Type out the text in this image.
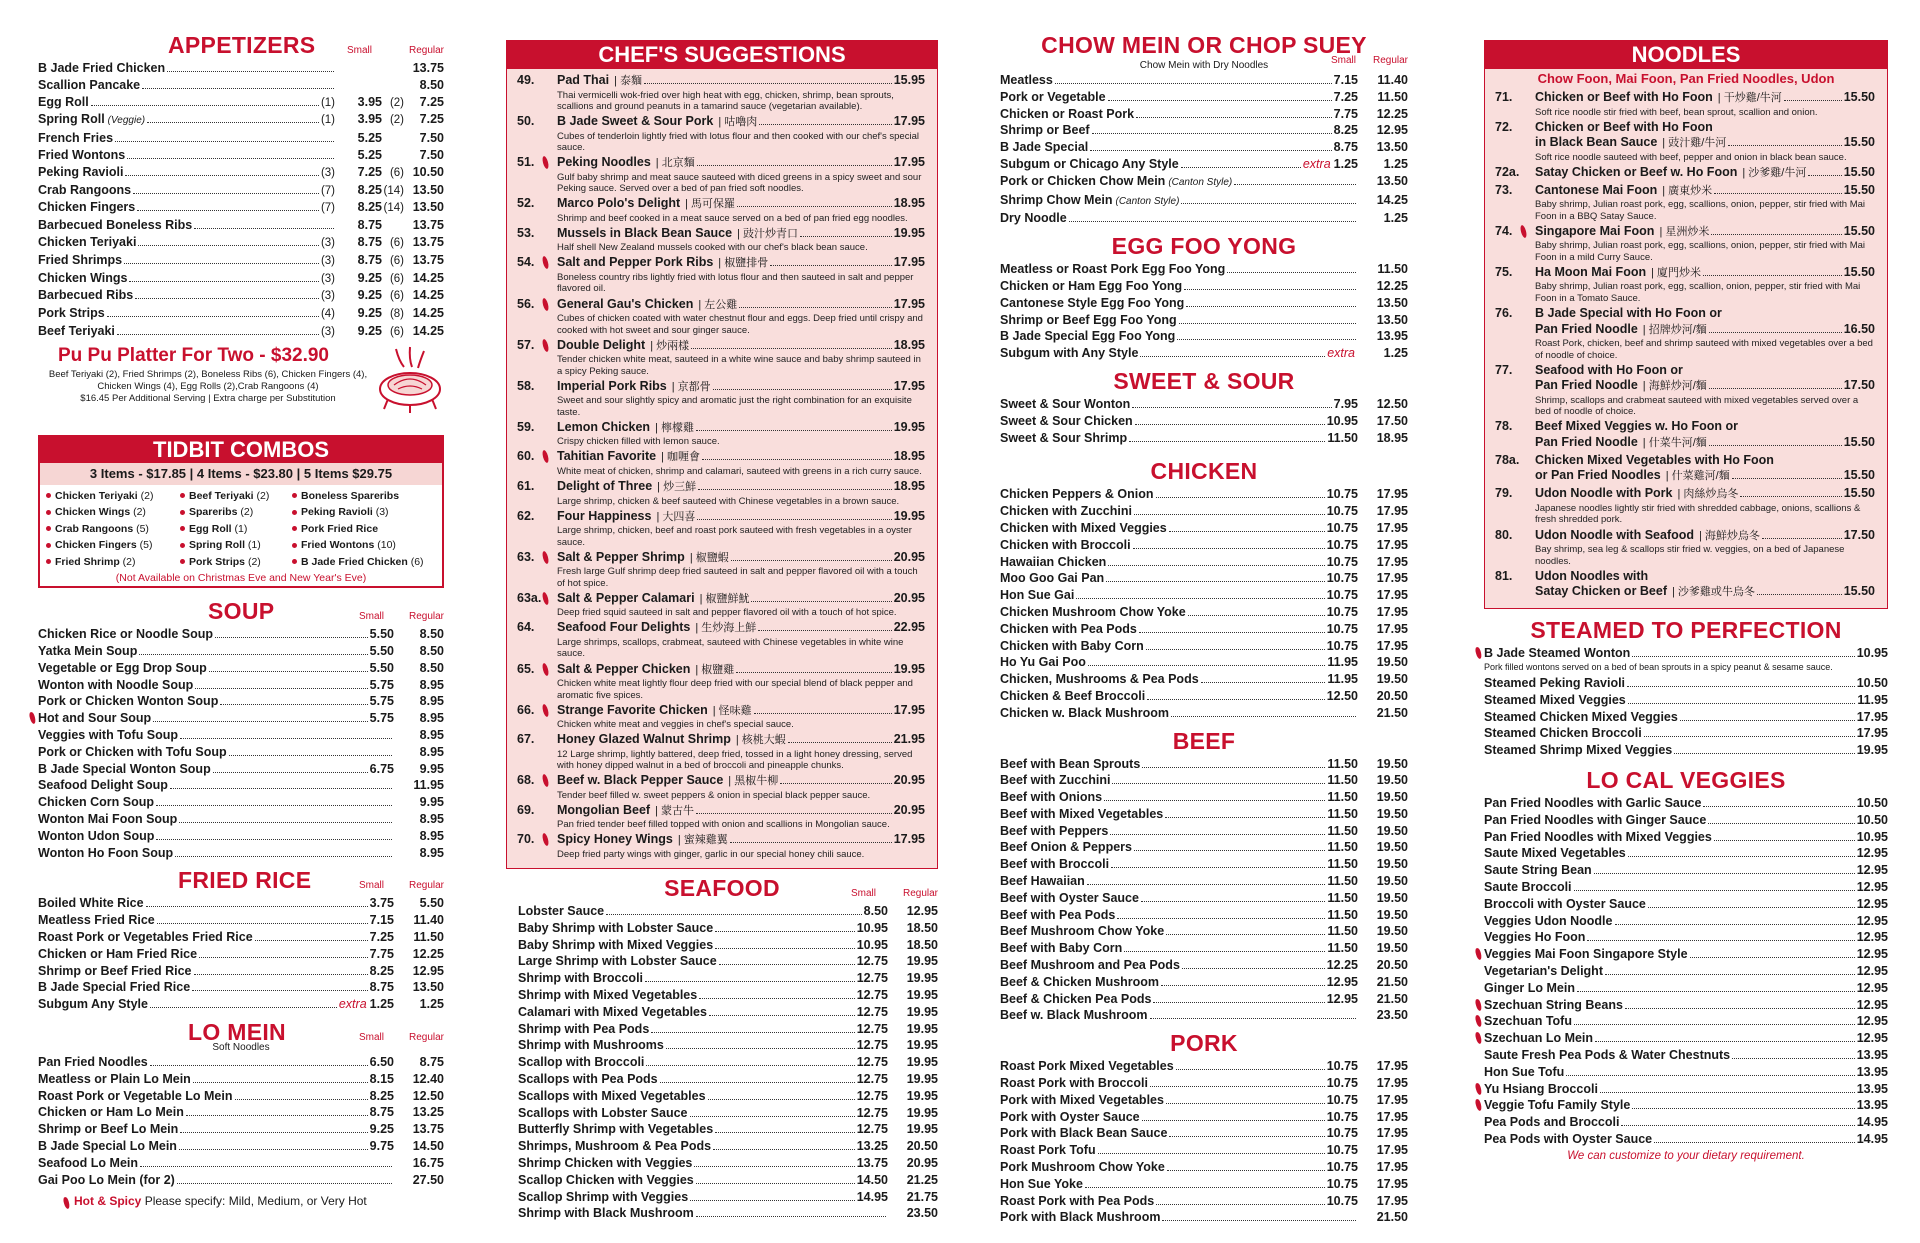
APPETIZERS	Small	Regular
B Jade Fried Chicken	13.75
Scallion Pancake	8.50
Egg Roll	(1)	3.95 (2)	7.25
Spring Roll (Veggie)	(1)	3.95 (2)	7.25
French Fries	5.25	7.50
Fried Wontons	5.25	7.50
Peking Ravioli	(3)	7.25 (6) 10.50
Crab Rangoons	(7)	8.25 (14) 13.50
Chicken Fingers	(7)	8.25 (14) 13.50
Barbecued Boneless Ribs	8.75	13.75
Chicken Teriyaki	(3)	8.75 (6) 13.75
Fried Shrimps	(3)	8.75 (6) 13.75
Chicken Wings	(3)	9.25 (6) 14.25
Barbecued Ribs	(3)	9.25 (6) 14.25
Pork Strips	(4)	9.25 (8) 14.25
Beef Teriyaki	(3)	9.25 (6) 14.25
Pu Pu Platter For Two - $32.90
Beef Teriyaki (2), Fried Shrimps (2), Boneless Ribs (6), Chicken Fingers (4),
Chicken Wings (4), Egg Rolls (2),Crab Rangoons (4)
$16.45 Per Additional Serving | Extra charge per Substitution
TIDBIT COMBOS
3 Items - $17.85 | 4 Items - $23.80 | 5 Items $29.75
Chicken Teriyaki (2)	Beef Teriyaki (2)	Boneless Spareribs
Chicken Wings (2)	Spareribs (2)	Peking Ravioli (3)
Crab Rangoons (5)	Egg Roll (1)	Pork Fried Rice
Chicken Fingers (5)	Spring Roll (1)	Fried Wontons (10)
Fried Shrimp (2)	Pork Strips (2)	B Jade Fried Chicken (6)
(Not Available on Christmas Eve and New Year's Eve)
SOUP	Small Regular
Chicken Rice or Noodle Soup	5.50	8.50
Yatka Mein Soup	5.50	8.50
Vegetable or Egg Drop Soup	5.50	8.50
Wonton with Noodle Soup	5.75	8.95
Pork or Chicken Wonton Soup	5.75	8.95
Hot and Sour Soup	5.75	8.95
Veggies with Tofu Soup	8.95
Pork or Chicken with Tofu Soup	8.95
B Jade Special Wonton Soup	6.75	9.95
Seafood Delight Soup	11.95
Chicken Corn Soup	9.95
Wonton Mai Foon Soup	8.95
Wonton Udon Soup	8.95
Wonton Ho Foon Soup	8.95
FRIED RICE	Small Regular
Boiled White Rice	3.75	5.50
Meatless Fried Rice	7.15	11.40
Roast Pork or Vegetables Fried Rice	7.25	11.50
Chicken or Ham Fried Rice	7.75	12.25
Shrimp or Beef Fried Rice	8.25	12.95
B Jade Special Fried Rice	8.75	13.50
Subgum Any Style	extra 1.25	1.25
LO MEIN	Small Regular
Soft Noodles
Pan Fried Noodles	6.50	8.75
Meatless or Plain Lo Mein	8.15	12.40
Roast Pork or Vegetable Lo Mein	8.25	12.50
Chicken or Ham Lo Mein	8.75	13.25
Shrimp or Beef Lo Mein	9.25	13.75
B Jade Special Lo Mein	9.75	14.50
Seafood Lo Mein	16.75
Gai Poo Lo Mein (for 2)	27.50
Hot & Spicy Please specify: Mild, Medium, or Very Hot
CHEF'S SUGGESTIONS
49.	Pad Thai | 泰麵	15.95
Thai vermicelli wok-fried over high heat with egg, chicken, shrimp, bean sprouts, scallions and ground peanuts in a tamarind sauce (vegetarian available).
50.	B Jade Sweet & Sour Pork | 咕嚕肉	17.95
Cubes of tenderloin lightly fried with lotus flour and then cooked with our chef's special sauce.
51.	Peking Noodles | 北京麵	17.95
Gulf baby shrimp and meat sauce sauteed with diced greens in a spicy sweet and sour Peking sauce. Served over a bed of pan fried soft noodles.
52.	Marco Polo's Delight | 馬可保羅	18.95
Shrimp and beef cooked in a meat sauce served on a bed of pan fried egg noodles.
53.	Mussels in Black Bean Sauce | 豉汁炒青口	19.95
Half shell New Zealand mussels cooked with our chef's black bean sauce.
54.	Salt and Pepper Pork Ribs | 椒鹽排骨	17.95
Boneless country ribs lightly fried with lotus flour and then sauteed in salt and pepper flavored oil.
56.	General Gau's Chicken | 左公雞	17.95
Cubes of chicken coated with water chestnut flour and eggs. Deep fried until crispy and cooked with hot sweet and sour ginger sauce.
57.	Double Delight | 炒兩樣	18.95
Tender chicken white meat, sauteed in a white wine sauce and baby shrimp sauteed in a spicy Peking sauce.
58.	Imperial Pork Ribs | 京都骨	17.95
Sweet and sour slightly spicy and aromatic just the right combination for an exquisite taste.
59.	Lemon Chicken | 檸檬雞	19.95
Crispy chicken filled with lemon sauce.
60.	Tahitian Favorite | 咖喱會	18.95
White meat of chicken, shrimp and calamari, sauteed with greens in a rich curry sauce.
61.	Delight of Three | 炒三鮮	18.95
Large shrimp, chicken & beef sauteed with Chinese vegetables in a brown sauce.
62.	Four Happiness | 大四喜	19.95
Large shrimp, chicken, beef and roast pork sauteed with fresh vegetables in a oyster sauce.
63.	Salt & Pepper Shrimp | 椒鹽蝦	20.95
Fresh large Gulf shrimp deep fried sauteed in salt and pepper flavored oil with a touch of hot spice.
63a.	Salt & Pepper Calamari | 椒鹽鮮魷	20.95
Deep fried squid sauteed in salt and pepper flavored oil with a touch of hot spice.
64.	Seafood Four Delights | 生炒海上鮮	22.95
Large shrimps, scallops, crabmeat, sauteed with Chinese vegetables in white wine sauce.
65.	Salt & Pepper Chicken | 椒鹽雞	19.95
Chicken white meat lightly flour deep fried with our special blend of black pepper and aromatic five spices.
66.	Strange Favorite Chicken | 怪味雞	17.95
Chicken white meat and veggies in chef's special sauce.
67.	Honey Glazed Walnut Shrimp | 核桃大蝦	21.95
12 Large shrimp, lightly battered, deep fried, tossed in a light honey dressing, served with honey dipped walnut in a bed of broccoli and pineapple chunks.
68.	Beef w. Black Pepper Sauce | 黑椒牛柳	20.95
Tender beef filled w. sweet peppers & onion in special black pepper sauce.
69.	Mongolian Beef | 蒙古牛	20.95
Pan fried tender beef filled topped with onion and scallions in Mongolian sauce.
70.	Spicy Honey Wings | 蜜辣雞翼	17.95
Deep fried party wings with ginger, garlic in our special honey chili sauce.
SEAFOOD	Small	Regular
Lobster Sauce	8.50	12.95
Baby Shrimp with Lobster Sauce	10.95	18.50
Baby Shrimp with Mixed Veggies	10.95	18.50
Large Shrimp with Lobster Sauce	12.75	19.95
Shrimp with Broccoli	12.75	19.95
Shrimp with Mixed Vegetables	12.75	19.95
Calamari with Mixed Vegetables	12.75	19.95
Shrimp with Pea Pods	12.75	19.95
Shrimp with Mushrooms	12.75	19.95
Scallop with Broccoli	12.75	19.95
Scallops with Pea Pods	12.75	19.95
Scallops with Mixed Vegetables	12.75	19.95
Scallops with Lobster Sauce	12.75	19.95
Butterfly Shrimp with Vegetables	12.75	19.95
Shrimps, Mushroom & Pea Pods	13.25	20.50
Shrimp Chicken with Veggies	13.75	20.95
Scallop Chicken with Veggies	14.50	21.25
Scallop Shrimp with Veggies	14.95	21.75
Shrimp with Black Mushroom	23.50
CHOW MEIN OR CHOP SUEY
Small Regular
Chow Mein with Dry Noodles
Meatless	7.15	11.40
Pork or Vegetable	7.25	11.50
Chicken or Roast Pork	7.75	12.25
Shrimp or Beef	8.25	12.95
B Jade Special	8.75	13.50
Subgum or Chicago Any Style	extra 1.25	1.25
Pork or Chicken Chow Mein (Canton Style)	13.50
Shrimp Chow Mein (Canton Style)	14.25
Dry Noodle	1.25
EGG FOO YONG
Meatless or Roast Pork Egg Foo Yong	11.50
Chicken or Ham Egg Foo Yong	12.25
Cantonese Style Egg Foo Yong	13.50
Shrimp or Beef Egg Foo Yong	13.50
B Jade Special Egg Foo Yong	13.95
Subgum with Any Style	extra	1.25
SWEET & SOUR
Sweet & Sour Wonton	7.95	12.50
Sweet & Sour Chicken	10.95	17.50
Sweet & Sour Shrimp	11.50	18.95
CHICKEN
Chicken Peppers & Onion	10.75	17.95
Chicken with Zucchini	10.75	17.95
Chicken with Mixed Veggies	10.75	17.95
Chicken with Broccoli	10.75	17.95
Hawaiian Chicken	10.75	17.95
Moo Goo Gai Pan	10.75	17.95
Hon Sue Gai	10.75	17.95
Chicken Mushroom Chow Yoke	10.75	17.95
Chicken with Pea Pods	10.75	17.95
Chicken with Baby Corn	10.75	17.95
Ho Yu Gai Poo	11.95	19.50
Chicken, Mushrooms & Pea Pods	11.95	19.50
Chicken & Beef Broccoli	12.50	20.50
Chicken w. Black Mushroom	21.50
BEEF
Beef with Bean Sprouts	11.50	19.50
Beef with Zucchini	11.50	19.50
Beef with Onions	11.50	19.50
Beef with Mixed Vegetables	11.50	19.50
Beef with Peppers	11.50	19.50
Beef Onion & Peppers	11.50	19.50
Beef with Broccoli	11.50	19.50
Beef Hawaiian	11.50	19.50
Beef with Oyster Sauce	11.50	19.50
Beef with Pea Pods	11.50	19.50
Beef Mushroom Chow Yoke	11.50	19.50
Beef with Baby Corn	11.50	19.50
Beef Mushroom and Pea Pods	12.25	20.50
Beef & Chicken Mushroom	12.95	21.50
Beef & Chicken Pea Pods	12.95	21.50
Beef w. Black Mushroom	23.50
PORK
Roast Pork Mixed Vegetables	10.75	17.95
Roast Pork with Broccoli	10.75	17.95
Pork with Mixed Vegetables	10.75	17.95
Pork with Oyster Sauce	10.75	17.95
Pork with Black Bean Sauce	10.75	17.95
Roast Pork Tofu	10.75	17.95
Pork Mushroom Chow Yoke	10.75	17.95
Hon Sue Yoke	10.75	17.95
Roast Pork with Pea Pods	10.75	17.95
Pork with Black Mushroom	21.50
NOODLES
Chow Foon, Mai Foon, Pan Fried Noodles, Udon
71.	Chicken or Beef with Ho Foon | 干炒雞/牛河	15.50
Soft rice noodle stir fried with beef, bean sprout, scallion and onion.
72.	Chicken or Beef with Ho Foon
in Black Bean Sauce | 豉汁雞/牛河	15.50
Soft rice noodle sauteed with beef, pepper and onion in black bean sauce.
72a.	Satay Chicken or Beef w. Ho Foon | 沙爹雞/牛河	15.50
73.	Cantonese Mai Foon | 廣東炒米	15.50
Baby shrimp, Julian roast pork, egg, scallions, onion, pepper, stir fried with Mai Foon in a BBQ Satay Sauce.
74.	Singapore Mai Foon | 星洲炒米	15.50
Baby shrimp, Julian roast pork, egg, scallions, onion, pepper, stir fried with Mai Foon in a mild Curry Sauce.
75.	Ha Moon Mai Foon | 廈門炒米	15.50
Baby shrimp, Julian roast pork, egg, scallion, onion, pepper, stir fried with Mai Foon in a Tomato Sauce.
76.	B Jade Special with Ho Foon or
Pan Fried Noodle | 招牌炒河/麵	16.50
Roast Pork, chicken, beef and shrimp sauteed with mixed vegetables over a bed of noodle of choice.
77.	Seafood with Ho Foon or
Pan Fried Noodle | 海鮮炒河/麵	17.50
Shrimp, scallops and crabmeat sauteed with mixed vegetables served over a bed of noodle of choice.
78.	Beef Mixed Veggies w. Ho Foon or
Pan Fried Noodle | 什菜牛河/麵	15.50
78a.	Chicken Mixed Vegetables with Ho Foon
or Pan Fried Noodles | 什菜雞河/麵	15.50
79.	Udon Noodle with Pork | 肉絲炒烏冬	15.50
Japanese noodles lightly stir fried with shredded cabbage, onions, scallions & fresh shredded pork.
80.	Udon Noodle with Seafood | 海鮮炒烏冬	17.50
Bay shrimp, sea leg & scallops stir fried w. veggies, on a bed of Japanese noodles.
81.	Udon Noodles with
Satay Chicken or Beef | 沙爹雞或牛烏冬	15.50
STEAMED TO PERFECTION
B Jade Steamed Wonton	10.95
Pork filled wontons served on a bed of bean sprouts in a spicy peanut & sesame sauce.
Steamed Peking Ravioli	10.50
Steamed Mixed Veggies	11.95
Steamed Chicken Mixed Veggies	17.95
Steamed Chicken Broccoli	17.95
Steamed Shrimp Mixed Veggies	19.95
LO CAL VEGGIES
Pan Fried Noodles with Garlic Sauce	10.50
Pan Fried Noodles with Ginger Sauce	10.50
Pan Fried Noodles with Mixed Veggies	10.95
Saute Mixed Vegetables	12.95
Saute String Bean	12.95
Saute Broccoli	12.95
Broccoli with Oyster Sauce	12.95
Veggies Udon Noodle	12.95
Veggies Ho Foon	12.95
Veggies Mai Foon Singapore Style	12.95
Vegetarian's Delight	12.95
Ginger Lo Mein	12.95
Szechuan String Beans	12.95
Szechuan Tofu	12.95
Szechuan Lo Mein	12.95
Saute Fresh Pea Pods & Water Chestnuts	13.95
Hon Sue Tofu	13.95
Yu Hsiang Broccoli	13.95
Veggie Tofu Family Style	13.95
Pea Pods and Broccoli	14.95
Pea Pods with Oyster Sauce	14.95
We can customize to your dietary requirement.
